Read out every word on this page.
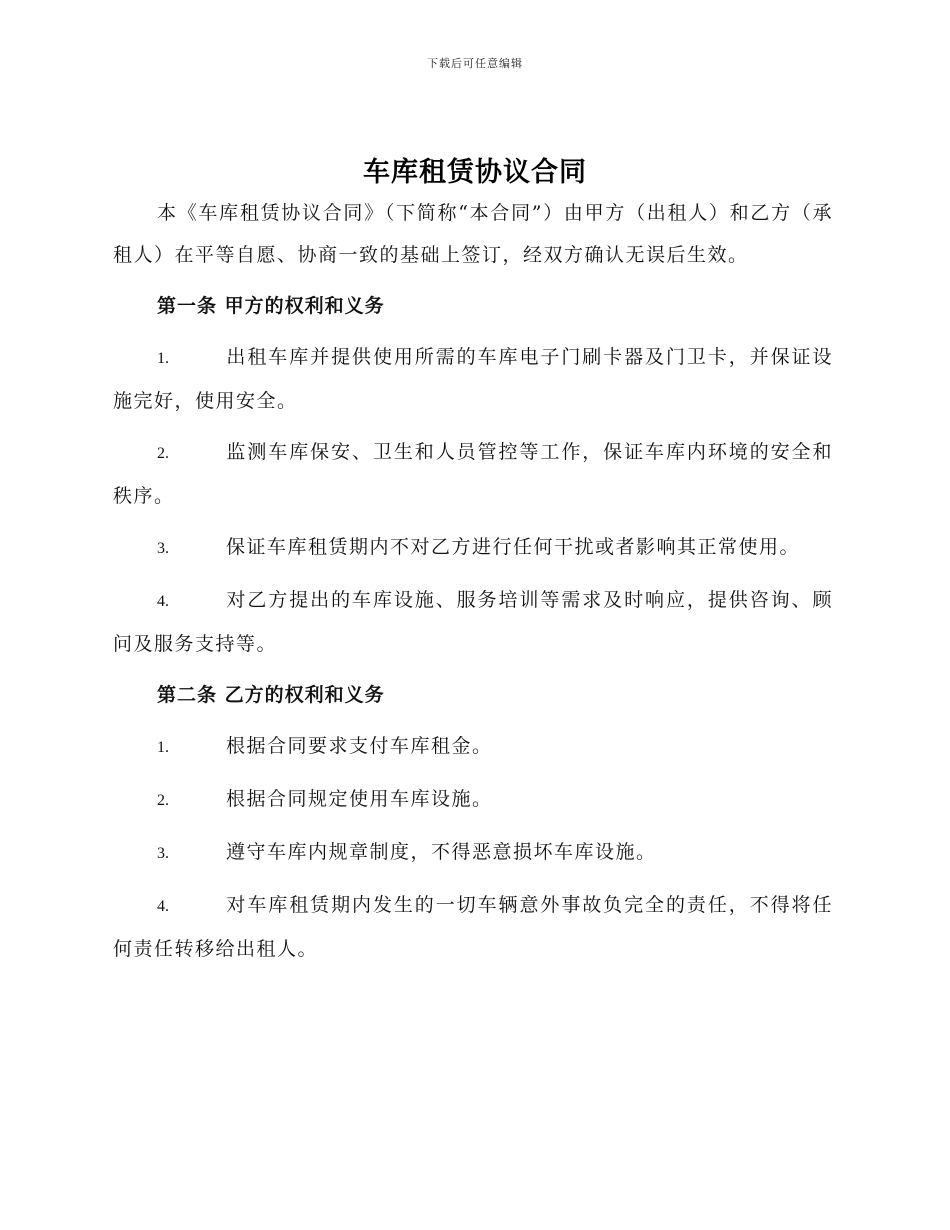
下载后可任意编辑
车库租赁协议合同

本《车库租赁协议合同》（下简称“本合同”）由甲方（出租人）和乙方（承租人）在平等自愿、协商一致的基础上签订，经双方确认无误后生效。

第一条 甲方的权利和义务
1.	出租车库并提供使用所需的车库电子门刷卡器及门卫卡，并保证设施完好，使用安全。
2.	监测车库保安、卫生和人员管控等工作，保证车库内环境的安全和秩序。
3.	保证车库租赁期内不对乙方进行任何干扰或者影响其正常使用。
4.	对乙方提出的车库设施、服务培训等需求及时响应，提供咨询、顾问及服务支持等。
第二条 乙方的权利和义务
1.	根据合同要求支付车库租金。
2.	根据合同规定使用车库设施。
3.	遵守车库内规章制度，不得恶意损坏车库设施。
4.	对车库租赁期内发生的一切车辆意外事故负完全的责任，不得将任何责任转移给出租人。
